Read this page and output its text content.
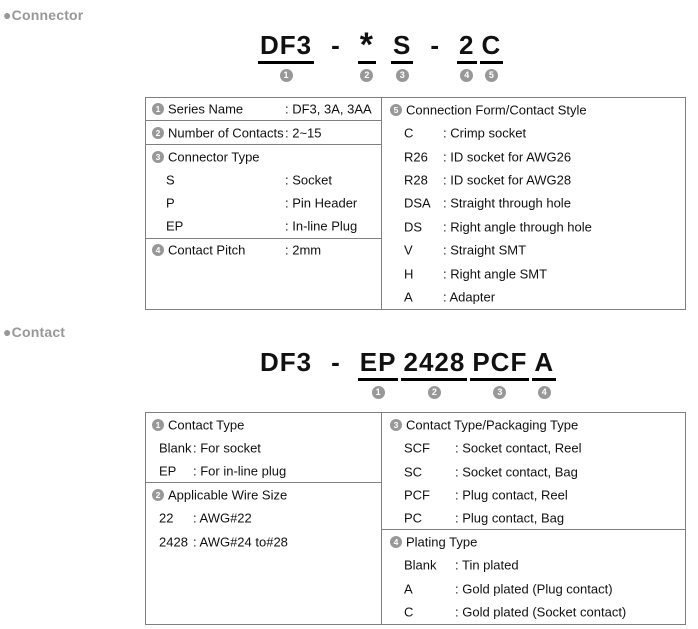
●Connector
DF3
1
- *
2
S
3
- 2
4
C
5
1 Series Name	: DF3, 3A, 3AA
2 Number of Contacts : 2~15
3 Connector Type
S	: Socket
P	: Pin Header
EP	: In-line Plug
4 Contact Pitch	: 2mm
5 Connection Form/Contact Style
C : Crimp socket
R26 : ID socket for AWG26
R28 : ID socket for AWG28
DSA : Straight through hole
DS : Right angle through hole
V : Straight SMT
H : Right angle SMT
A : Adapter
●Contact
DF3 - EP
1
2428
2
PCF
3
A
4
1 Contact Type
Blank : For socket
EP : For in-line plug
2 Applicable Wire Size
22 : AWG#22
2428 : AWG#24 to#28
3 Contact Type/Packaging Type
SCF : Socket contact, Reel
SC	: Socket contact, Bag
PCF : Plug contact, Reel
PC	: Plug contact, Bag
4 Plating Type
Blank : Tin plated
A	: Gold plated (Plug contact)
C	: Gold plated (Socket contact)
